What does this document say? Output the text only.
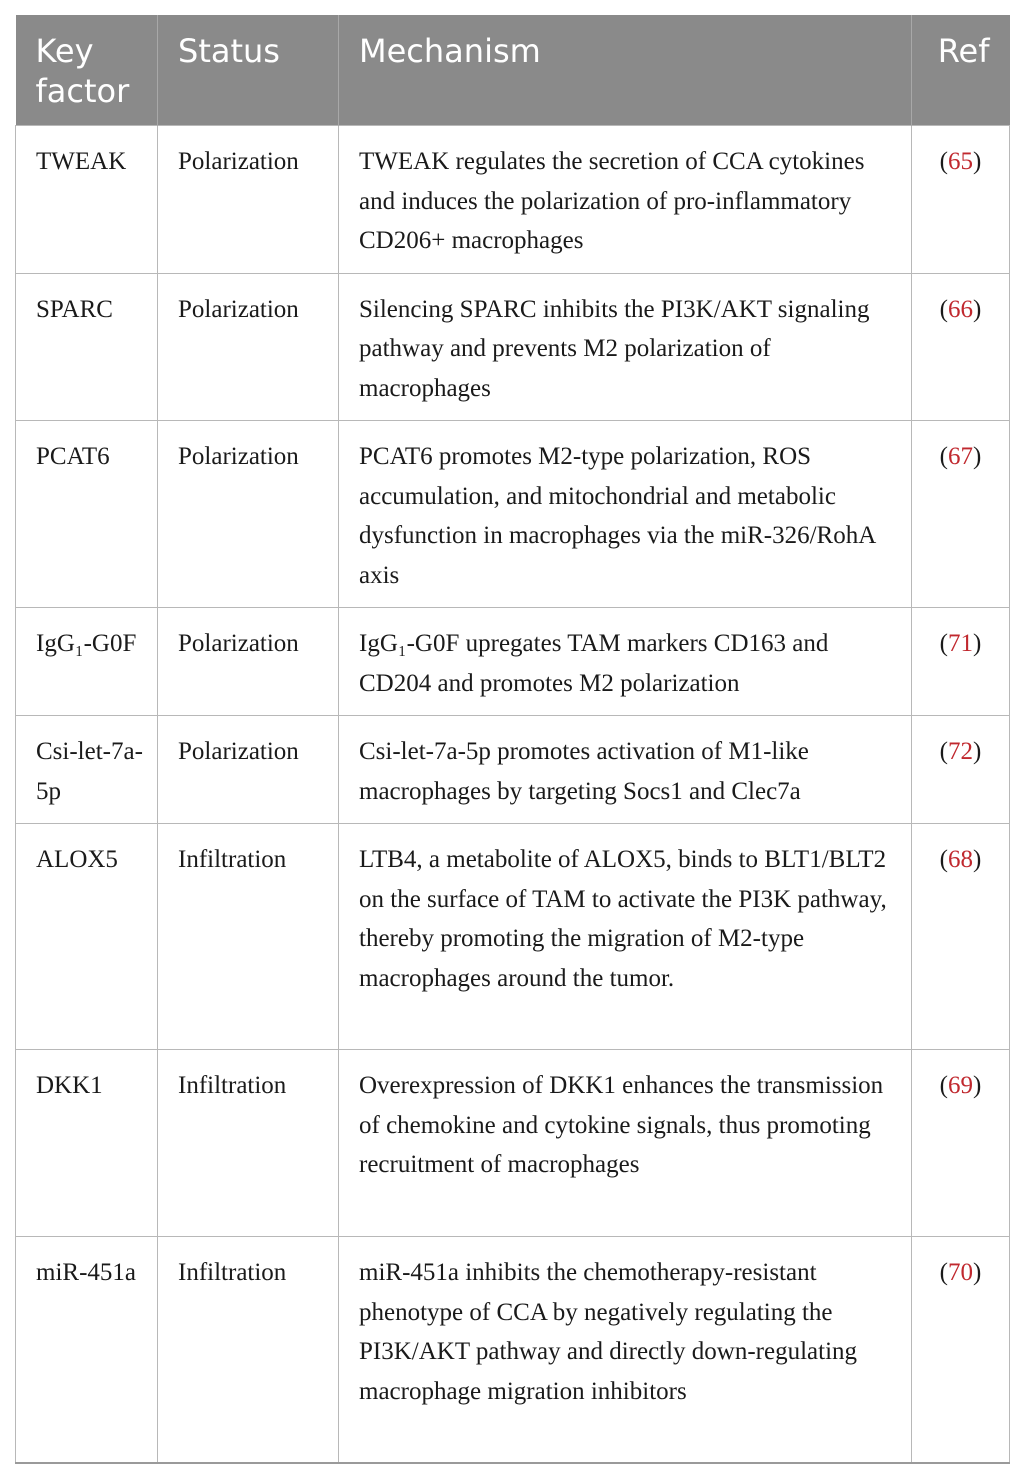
Key factor	Status	Mechanism	Ref
TWEAK	Polarization	TWEAK regulates the secretion of CCA cytokines and induces the polarization of pro-inflammatory CD206+ macrophages	(65)
SPARC	Polarization	Silencing SPARC inhibits the PI3K/AKT signaling pathway and prevents M2 polarization of macrophages	(66)
PCAT6	Polarization	PCAT6 promotes M2-type polarization, ROS accumulation, and mitochondrial and metabolic dysfunction in macrophages via the miR-326/RohA axis	(67)
IgG₁-G0F	Polarization	IgG₁-G0F upregates TAM markers CD163 and CD204 and promotes M2 polarization	(71)
Csi-let-7a-5p	Polarization	Csi-let-7a-5p promotes activation of M1-like macrophages by targeting Socs1 and Clec7a	(72)
ALOX5	Infiltration	LTB4, a metabolite of ALOX5, binds to BLT1/BLT2 on the surface of TAM to activate the PI3K pathway, thereby promoting the migration of M2-type macrophages around the tumor.	(68)
DKK1	Infiltration	Overexpression of DKK1 enhances the transmission of chemokine and cytokine signals, thus promoting recruitment of macrophages	(69)
miR-451a	Infiltration	miR-451a inhibits the chemotherapy-resistant phenotype of CCA by negatively regulating the PI3K/AKT pathway and directly down-regulating macrophage migration inhibitors	(70)
